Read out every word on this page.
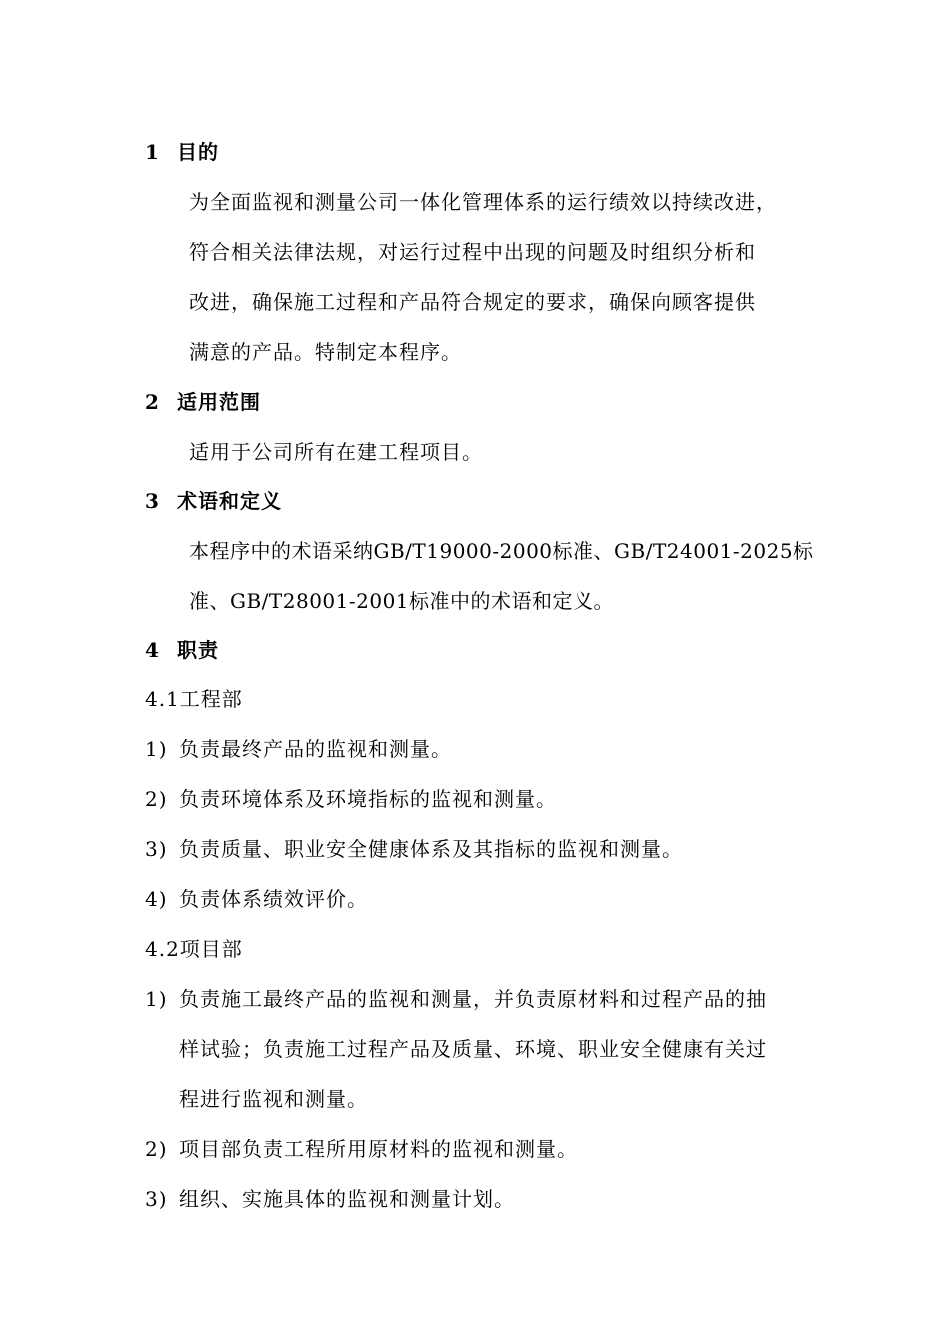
1 目的
为全面监视和测量公司一体化管理体系的运行绩效以持续改进，
符合相关法律法规，对运行过程中出现的问题及时组织分析和
改进，确保施工过程和产品符合规定的要求，确保向顾客提供
满意的产品。特制定本程序。
2 适用范围
适用于公司所有在建工程项目。
3 术语和定义
本程序中的术语采纳GB/T19000-2000标准、GB/T24001-2025标
准、GB/T28001-2001标准中的术语和定义。
4 职责
4.1工程部
1) 负责最终产品的监视和测量。
2) 负责环境体系及环境指标的监视和测量。
3) 负责质量、职业安全健康体系及其指标的监视和测量。
4) 负责体系绩效评价。
4.2项目部
1) 负责施工最终产品的监视和测量，并负责原材料和过程产品的抽
样试验；负责施工过程产品及质量、环境、职业安全健康有关过
程进行监视和测量。
2) 项目部负责工程所用原材料的监视和测量。
3) 组织、实施具体的监视和测量计划。
